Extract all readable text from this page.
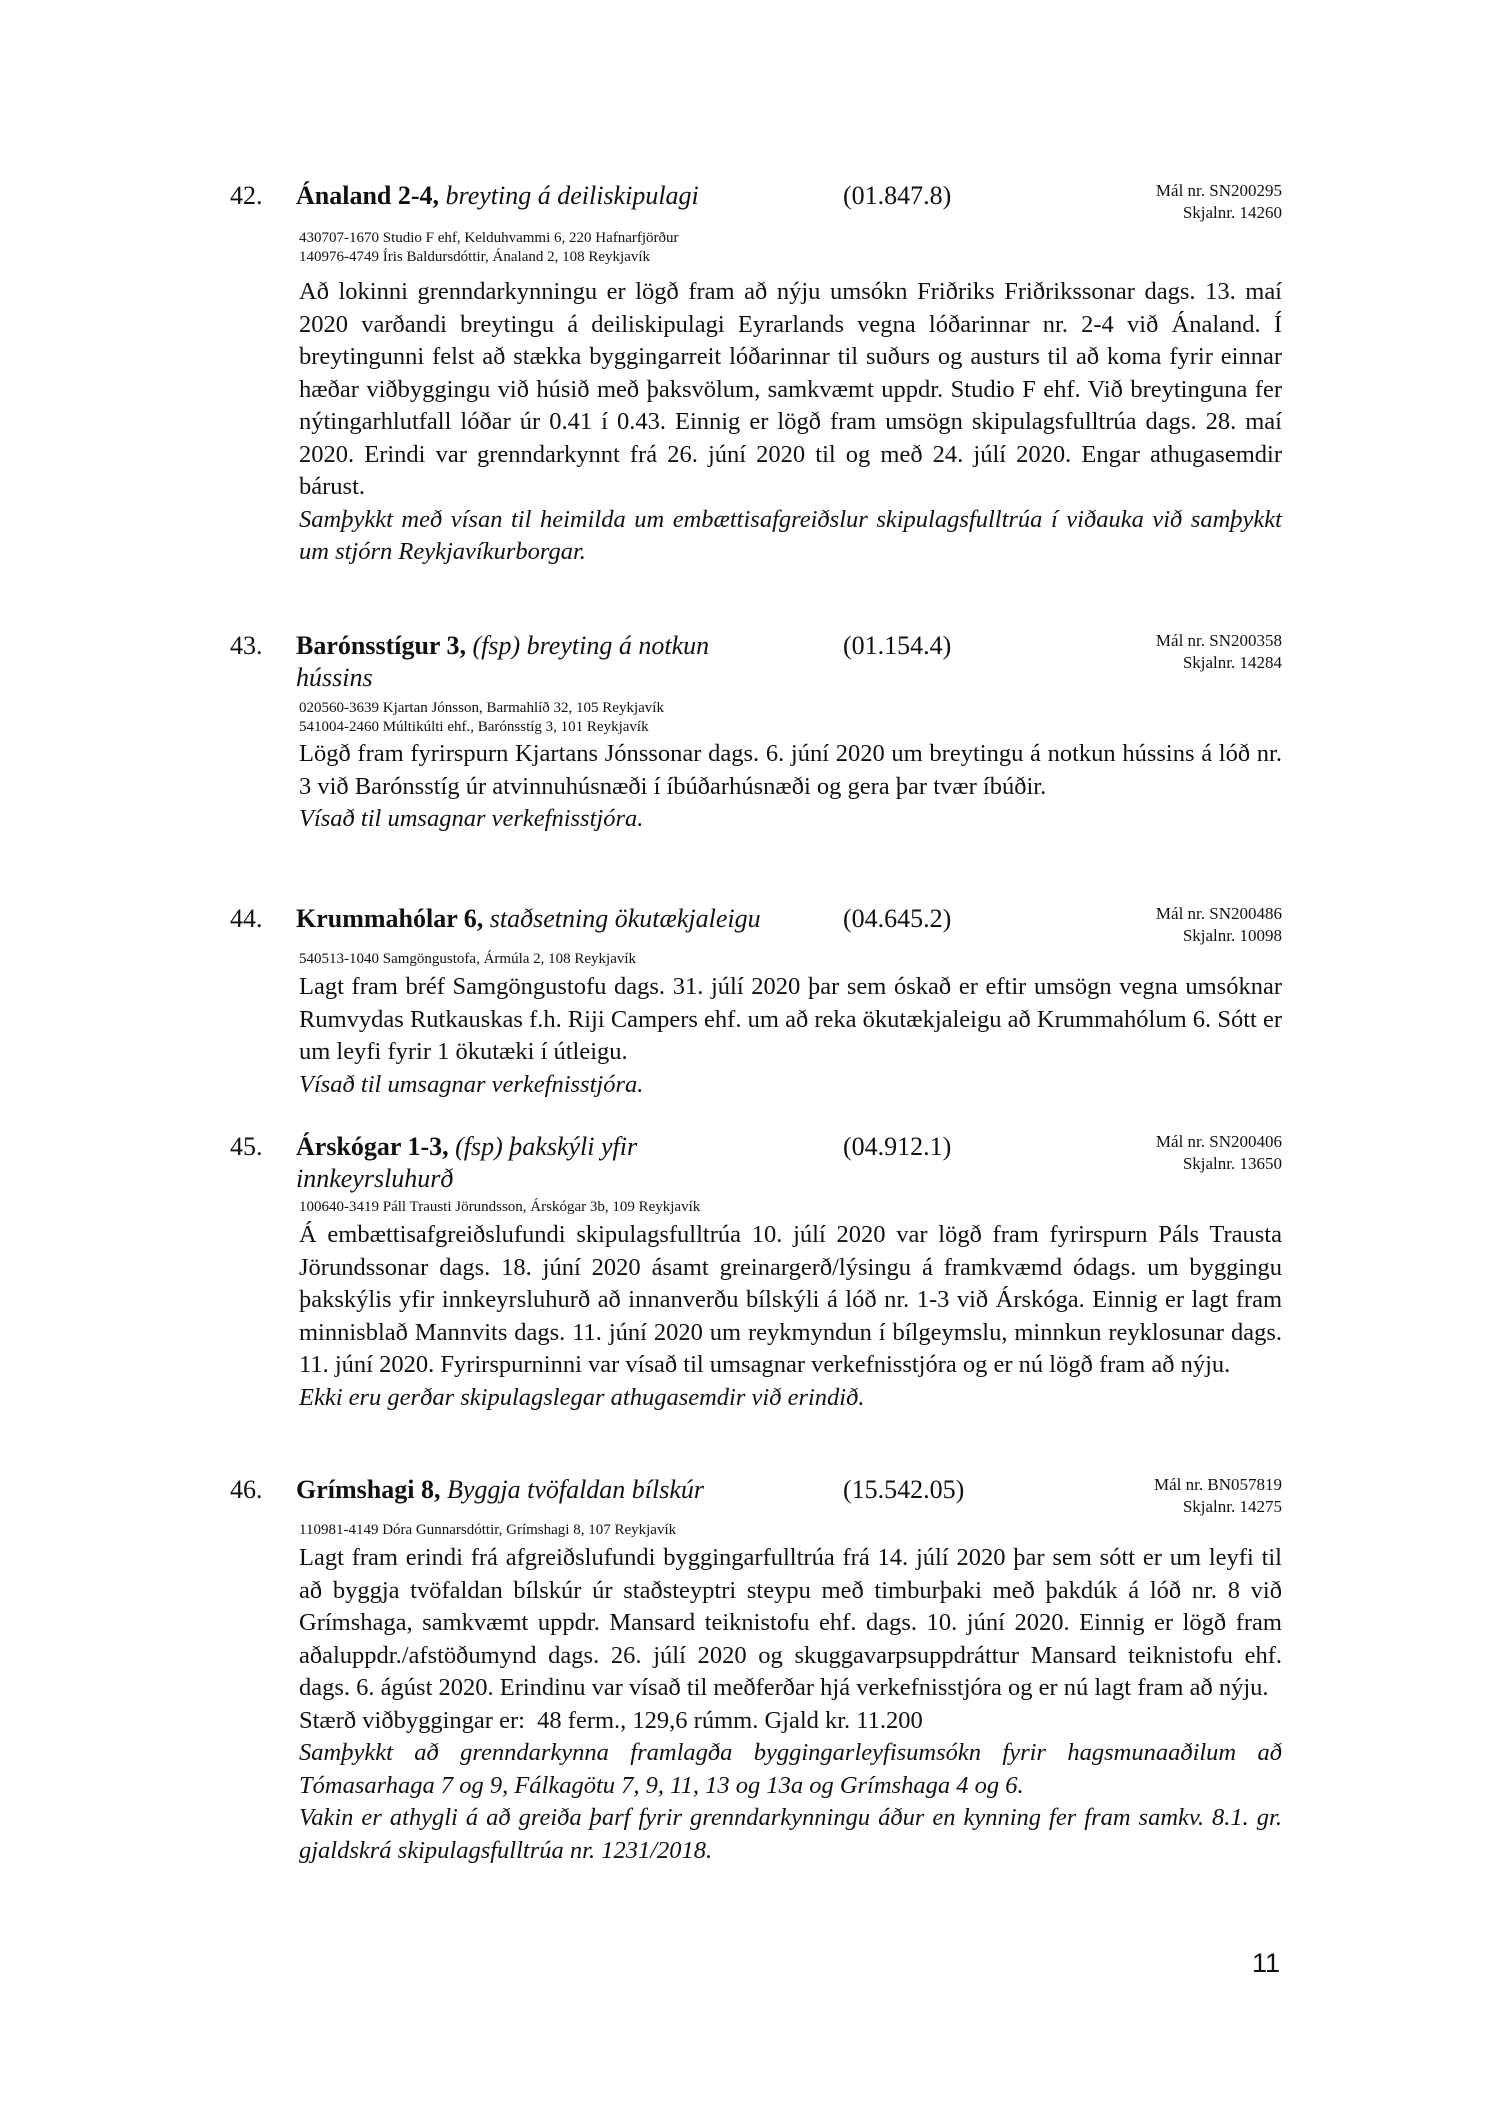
42. Ánaland 2-4, breyting á deiliskipulagi	(01.847.8)	Mál nr. SN200295
Skjalnr. 14260
430707-1670 Studio F ehf, Kelduhvammi 6, 220 Hafnarfjörður
140976-4749 Íris Baldursdóttir, Ánaland 2, 108 Reykjavík

Að lokinni grenndarkynningu er lögð fram að nýju umsókn Friðriks Friðrikssonar dags. 13. maí 2020 varðandi breytingu á deiliskipulagi Eyrarlands vegna lóðarinnar nr. 2-4 við Ánaland. Í breytingunni felst að stækka byggingarreit lóðarinnar til suðurs og austurs til að koma fyrir einnar hæðar viðbyggingu við húsið með þaksvölum, samkvæmt uppdr. Studio F ehf. Við breytinguna fer nýtingarhlutfall lóðar úr 0.41 í 0.43. Einnig er lögð fram umsögn skipulagsfulltrúa dags. 28. maí 2020. Erindi var grenndarkynnt frá 26. júní 2020 til og með 24. júlí 2020. Engar athugasemdir bárust.

Samþykkt með vísan til heimilda um embættisafgreiðslur skipulagsfulltrúa í viðauka við samþykkt um stjórn Reykjavíkurborgar.

43. Barónsstígur 3, (fsp) breyting á notkun hússins
(01.154.4)	Mál nr. SN200358
Skjalnr. 14284
020560-3639 Kjartan Jónsson, Barmahlíð 32, 105 Reykjavík
541004-2460 Múltikúlti ehf., Barónsstíg 3, 101 Reykjavík

Lögð fram fyrirspurn Kjartans Jónssonar dags. 6. júní 2020 um breytingu á notkun hússins á lóð nr. 3 við Barónsstíg úr atvinnuhúsnæði í íbúðarhúsnæði og gera þar tvær íbúðir.

Vísað til umsagnar verkefnisstjóra.

44. Krummahólar 6, staðsetning ökutækjaleigu	(04.645.2)	Mál nr. SN200486
Skjalnr. 10098
540513-1040 Samgöngustofa, Ármúla 2, 108 Reykjavík

Lagt fram bréf Samgöngustofu dags. 31. júlí 2020 þar sem óskað er eftir umsögn vegna umsóknar Rumvydas Rutkauskas f.h. Riji Campers ehf. um að reka ökutækjaleigu að Krummahólum 6. Sótt er um leyfi fyrir 1 ökutæki í útleigu.

Vísað til umsagnar verkefnisstjóra.

45. Árskógar 1-3, (fsp) þakskýli yfir innkeyrsluhurð
(04.912.1)	Mál nr. SN200406
Skjalnr. 13650
100640-3419 Páll Trausti Jörundsson, Árskógar 3b, 109 Reykjavík

Á embættisafgreiðslufundi skipulagsfulltrúa 10. júlí 2020 var lögð fram fyrirspurn Páls Trausta Jörundssonar dags. 18. júní 2020 ásamt greinargerð/lýsingu á framkvæmd ódags. um byggingu þakskýlis yfir innkeyrsluhurð að innanverðu bílskýli á lóð nr. 1-3 við Árskóga. Einnig er lagt fram minnisblað Mannvits dags. 11. júní 2020 um reykmyndun í bílgeymslu, minnkun reyklosunar dags. 11. júní 2020. Fyrirspurninni var vísað til umsagnar verkefnisstjóra og er nú lögð fram að nýju.

Ekki eru gerðar skipulagslegar athugasemdir við erindið.

46. Grímshagi 8, Byggja tvöfaldan bílskúr	(15.542.05)	Mál nr. BN057819
Skjalnr. 14275
110981-4149 Dóra Gunnarsdóttir, Grímshagi 8, 107 Reykjavík

Lagt fram erindi frá afgreiðslufundi byggingarfulltrúa frá 14. júlí 2020 þar sem sótt er um leyfi til að byggja tvöfaldan bílskúr úr staðsteyptri steypu með timburþaki með þakdúk á lóð nr. 8 við Grímshaga, samkvæmt uppdr. Mansard teiknistofu ehf. dags. 10. júní 2020. Einnig er lögð fram aðaluppdr./afstöðumynd dags. 26. júlí 2020 og skuggavarpsuppdráttur Mansard teiknistofu ehf. dags. 6. ágúst 2020. Erindinu var vísað til meðferðar hjá verkefnisstjóra og er nú lagt fram að nýju.

Stærð viðbyggingar er:  48 ferm., 129,6 rúmm. Gjald kr. 11.200

Samþykkt að grenndarkynna framlagða byggingarleyfisumsókn fyrir hagsmunaaðilum að Tómasarhaga 7 og 9, Fálkagötu 7, 9, 11, 13 og 13a og Grímshaga 4 og 6.

Vakin er athygli á að greiða þarf fyrir grenndarkynningu áður en kynning fer fram samkv. 8.1. gr. gjaldskrá skipulagsfulltrúa nr. 1231/2018.

11
